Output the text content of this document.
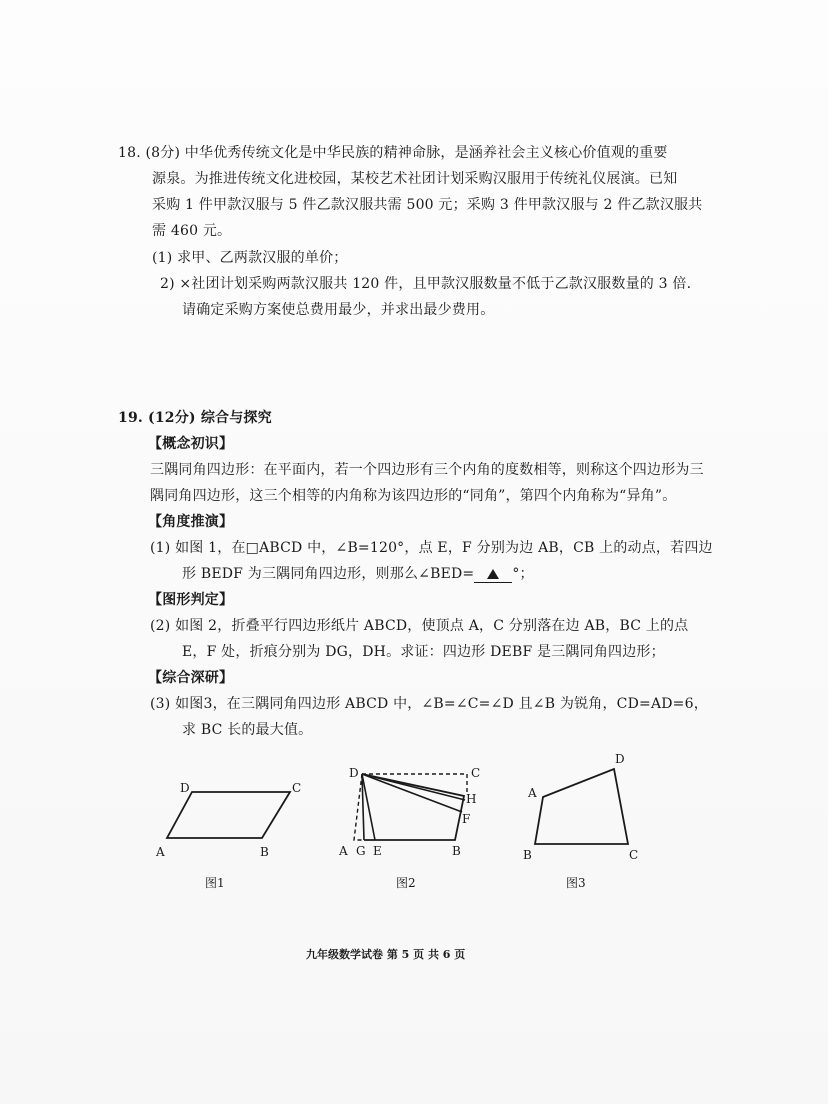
18. (8分) 中华优秀传统文化是中华民族的精神命脉，是涵养社会主义核心价值观的重要
源泉。为推进传统文化进校园，某校艺术社团计划采购汉服用于传统礼仪展演。已知
采购 1 件甲款汉服与 5 件乙款汉服共需 500 元；采购 3 件甲款汉服与 2 件乙款汉服共
需 460 元。
(1) 求甲、乙两款汉服的单价；
2) ×社团计划采购两款汉服共 120 件，且甲款汉服数量不低于乙款汉服数量的 3 倍.
请确定采购方案使总费用最少，并求出最少费用。
19. (12分) 综合与探究
【概念初识】
三隅同角四边形：在平面内，若一个四边形有三个内角的度数相等，则称这个四边形为三
隅同角四边形，这三个相等的内角称为该四边形的“同角”，第四个内角称为“异角”。
【角度推演】
(1) 如图 1，在□ABCD 中，∠B=120°，点 E，F 分别为边 AB，CB 上的动点，若四边
形 BEDF 为三隅同角四边形，则那么∠BED=	°；
【图形判定】
(2) 如图 2，折叠平行四边形纸片 ABCD，使顶点 A，C 分别落在边 AB，BC 上的点
E，F 处，折痕分别为 DG，DH。求证：四边形 DEBF 是三隅同角四边形；
【综合深研】
(3) 如图3，在三隅同角四边形 ABCD 中，∠B=∠C=∠D 且∠B 为锐角，CD=AD=6，
求 BC 长的最大值。
D	C
A	B
图1
D	C
H
F
A G E	B
图2
D
A
B	C
图3
九年级数学试卷 第 5 页 共 6 页
